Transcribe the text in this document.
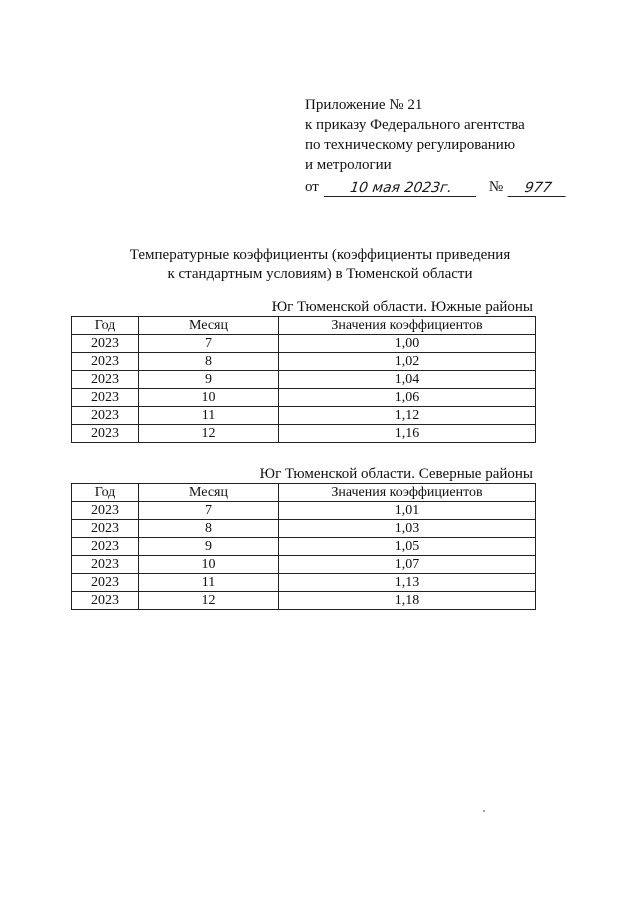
Приложение № 21
к приказу Федерального агентства
по техническому регулированию
и метрологии
от	10 мая 2023г.	№	977
Температурные коэффициенты (коэффициенты приведения
к стандартным условиям) в Тюменской области
Юг Тюменской области. Южные районы
Год	Месяц	Значения коэффициентов
2023	7	1,00
2023	8	1,02
2023	9	1,04
2023	10	1,06
2023	11	1,12
2023	12	1,16
Юг Тюменской области. Северные районы
Год	Месяц	Значения коэффициентов
2023	7	1,01
2023	8	1,03
2023	9	1,05
2023	10	1,07
2023	11	1,13
2023	12	1,18
